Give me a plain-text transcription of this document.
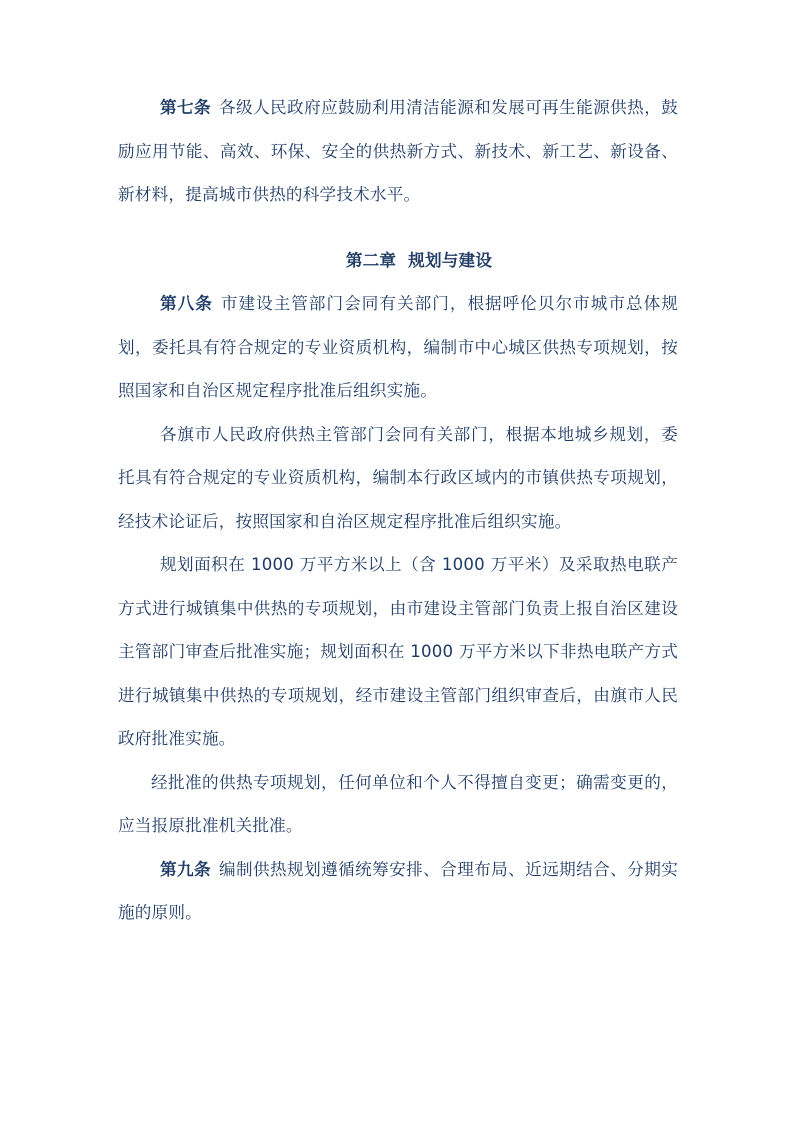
第七条 各级人民政府应鼓励利用清洁能源和发展可再生能源供热，鼓励应用节能、高效、环保、安全的供热新方式、新技术、新工艺、新设备、新材料，提高城市供热的科学技术水平。

第二章  规划与建设

第八条 市建设主管部门会同有关部门，根据呼伦贝尔市城市总体规划，委托具有符合规定的专业资质机构，编制市中心城区供热专项规划，按照国家和自治区规定程序批准后组织实施。

各旗市人民政府供热主管部门会同有关部门，根据本地城乡规划，委托具有符合规定的专业资质机构，编制本行政区域内的市镇供热专项规划，经技术论证后，按照国家和自治区规定程序批准后组织实施。

规划面积在 1000 万平方米以上（含 1000 万平米）及采取热电联产方式进行城镇集中供热的专项规划，由市建设主管部门负责上报自治区建设主管部门审查后批准实施；规划面积在 1000 万平方米以下非热电联产方式进行城镇集中供热的专项规划，经市建设主管部门组织审查后，由旗市人民政府批准实施。

经批准的供热专项规划，任何单位和个人不得擅自变更；确需变更的，应当报原批准机关批准。

第九条 编制供热规划遵循统筹安排、合理布局、近远期结合、分期实施的原则。
